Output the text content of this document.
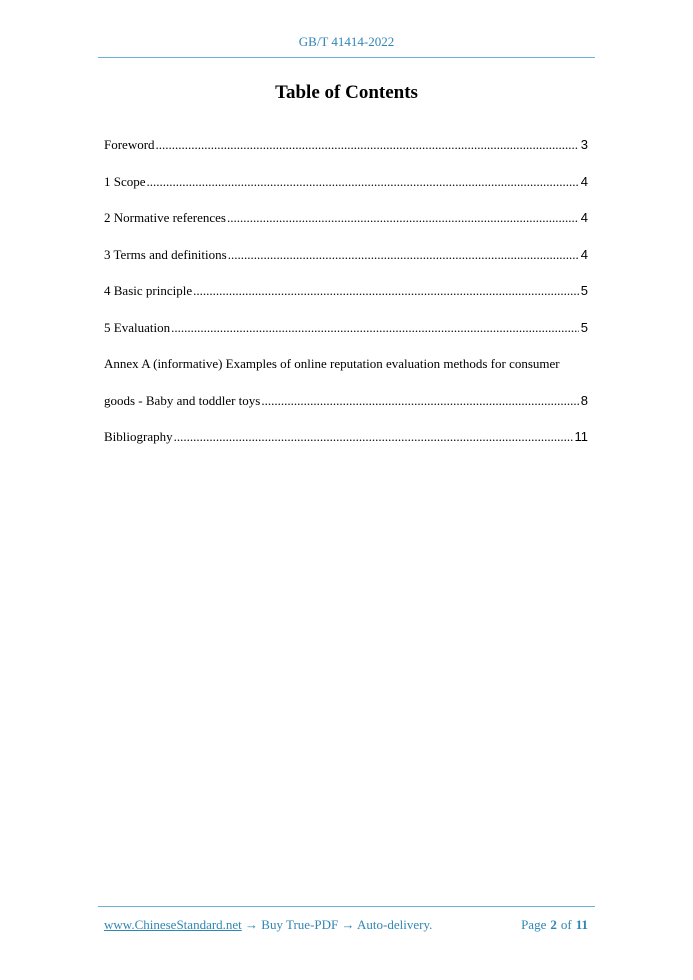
GB/T 41414-2022
Table of Contents
Foreword .....	3
1 Scope .....	4
2 Normative references .....	4
3 Terms and definitions .....	4
4 Basic principle .....	5
5 Evaluation .....	5
Annex A (informative) Examples of online reputation evaluation methods for consumer
goods - Baby and toddler toys .....	8
Bibliography .....	11
www.ChineseStandard.net → Buy True-PDF → Auto-delivery.	Page 2 of 11
